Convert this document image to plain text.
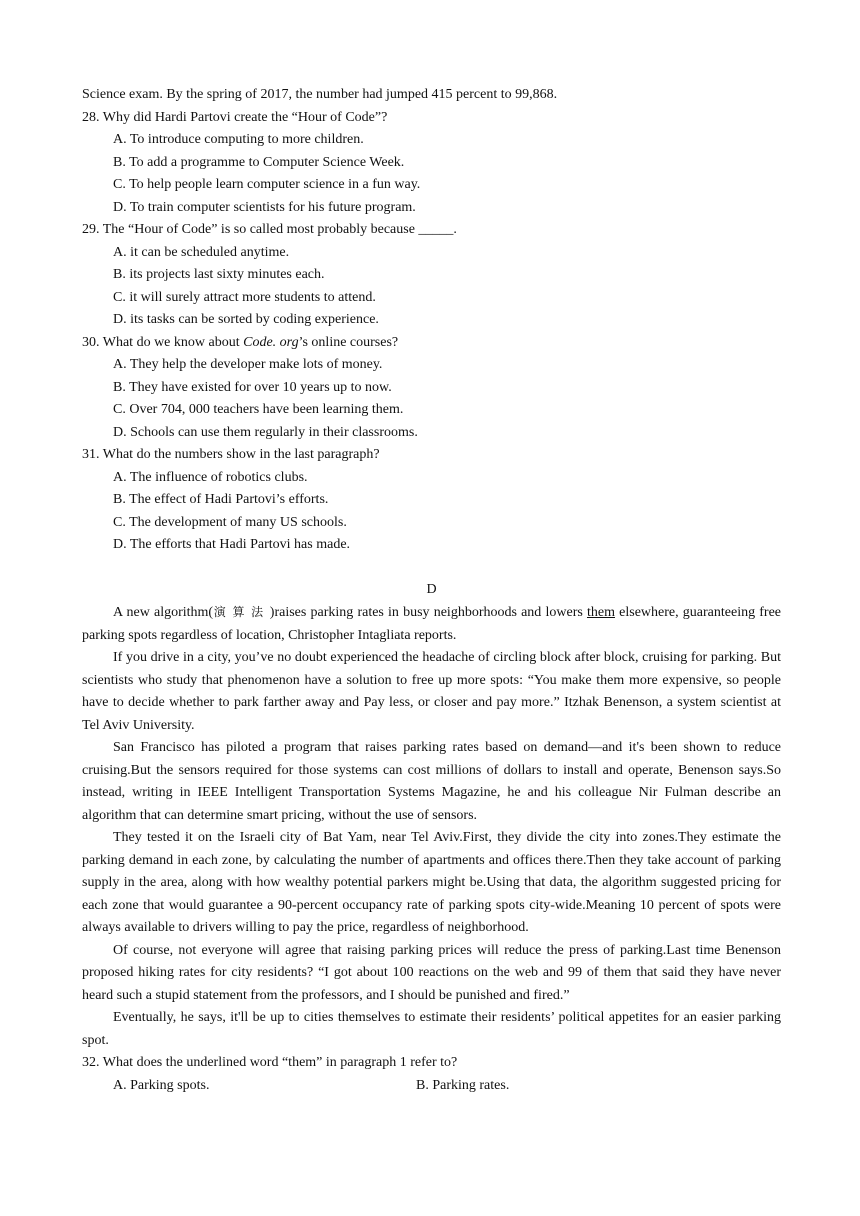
Science exam. By the spring of 2017, the number had jumped 415 percent to 99,868.
28. Why did Hardi Partovi create the “Hour of Code”?
A. To introduce computing to more children.
B. To add a programme to Computer Science Week.
C. To help people learn computer science in a fun way.
D. To train computer scientists for his future program.
29. The “Hour of Code” is so called most probably because _____.
A. it can be scheduled anytime.
B. its projects last sixty minutes each.
C. it will surely attract more students to attend.
D. its tasks can be sorted by coding experience.
30. What do we know about Code. org’s online courses?
A. They help the developer make lots of money.
B. They have existed for over 10 years up to now.
C. Over 704, 000 teachers have been learning them.
D. Schools can use them regularly in their classrooms.
31. What do the numbers show in the last paragraph?
A. The influence of robotics clubs.
B. The effect of Hadi Partovi’s efforts.
C. The development of many US schools.
D. The efforts that Hadi Partovi has made.
D
A new algorithm(演算法)raises parking rates in busy neighborhoods and lowers them elsewhere, guaranteeing free parking spots regardless of location, Christopher Intagliata reports.
If you drive in a city, you’ve no doubt experienced the headache of circling block after block, cruising for parking. But scientists who study that phenomenon have a solution to free up more spots: “You make them more expensive, so people have to decide whether to park farther away and Pay less, or closer and pay more.” Itzhak Benenson, a system scientist at Tel Aviv University.
San Francisco has piloted a program that raises parking rates based on demand—and it's been shown to reduce cruising.But the sensors required for those systems can cost millions of dollars to install and operate, Benenson says.So instead, writing in IEEE Intelligent Transportation Systems Magazine, he and his colleague Nir Fulman describe an algorithm that can determine smart pricing, without the use of sensors.
They tested it on the Israeli city of Bat Yam, near Tel Aviv.First, they divide the city into zones.They estimate the parking demand in each zone, by calculating the number of apartments and offices there.Then they take account of parking supply in the area, along with how wealthy potential parkers might be.Using that data, the algorithm suggested pricing for each zone that would guarantee a 90-percent occupancy rate of parking spots city-wide.Meaning 10 percent of spots were always available to drivers willing to pay the price, regardless of neighborhood.
Of course, not everyone will agree that raising parking prices will reduce the press of parking.Last time Benenson proposed hiking rates for city residents? “I got about 100 reactions on the web and 99 of them that said they have never heard such a stupid statement from the professors, and I should be punished and fired.”
Eventually, he says, it'll be up to cities themselves to estimate their residents’ political appetites for an easier parking spot.
32. What does the underlined word “them” in paragraph 1 refer to?
A. Parking spots.	B. Parking rates.
